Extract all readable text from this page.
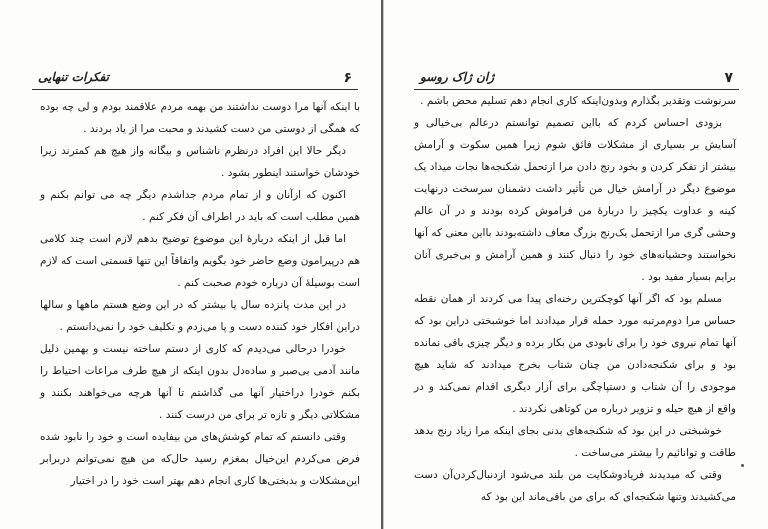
۶
تفکرات تنهایی

با اینکه آنها مرا دوست نداشتند من بهمه مردم علاقمند بودم و لی چه بوده که همگی از دوستی من دست کشیدند و محبت مرا از یاد بردند .

دیگر حالا این افراد درنظرم ناشناس و بیگانه واز هیچ هم کمترند زیرا خودشان خواستند اینطور بشود .

اکنون که ازآنان و از تمام مردم جداشدم دیگر چه‌ می توانم بکنم و همین مطلب است که باید در اطراف آن فکر کنم .

اما قبل از اینکه دربارهٔ این موضوع توضیح بدهم لازم است چند کلامی هم درپیرامون وضع حاضر خود بگویم واتفاقاً این تنها قسمتی است که لازم است بوسیلهٔ آن درباره خودم صحبت کنم .

در این مدت پانزده سال یا بیشتر که در این وضع هستم ماهها و سالها دراین افکار خود کننده دست و پا می‌زدم و تکلیف خود را نمی‌دانستم .

خودرا درحالی می‌دیدم که کاری از دستم ساخته نیست و بهمین دلیل مانند آدمی بی‌صبر و ساده‌دل بدون اینکه از هیچ طرف مراعات احتیاط را بکنم خودرا دراختیار آنها می گذاشتم تا آنها هرچه می‌خواهند بکنند و مشکلاتی دیگر و تازه تر برای من درست کنند .

وقتی دانستم که تمام کوشش‌های من بیفایده است و خود را نابود شده فرض می‌کردم این‌خیال بمغزم رسید حال‌که من هیچ نمی‌توانم دربرابر این‌مشکلات و بدبختی‌ها کاری انجام دهم بهتر است خود را در اختیار

۷
ژان ژاک روسو

سرنوشت وتقدیر بگذارم وبدون‌اینکه کاری انجام دهم تسلیم محض باشم .

بزودی احساس کردم که بااین تصمیم توانستم درعالم بی‌خیالی و آسایش بر بسیاری از مشکلات فائق شوم زیرا همین سکوت و آرامش بیشتر از تفکر کردن و بخود رنج دادن مرا ازتحمل شکنجه‌ها نجات میداد یک موضوع دیگر در آرامش خیال من تأثیر داشت دشمنان سرسخت درنهایت کینه و عداوت یکچیز را دربارهٔ من فراموش کرده بودند و در آن عالم وحشی گری مرا ازتحمل یک‌رنج بزرگ معاف داشته‌بودند بااین معنی که آنها نخواستند وحشیانه‌های خود را دنبال کنند و همین آرامش و بی‌خبری آنان برایم بسیار مفید بود .

مسلم بود که اگر آنها کوچکترین رخنه‌ای پیدا می کردند از همان نقطه حساس مرا دوم‌مرتبه مورد حمله قرار میدادند اما خوشبختی دراین بود که آنها تمام نیروی خود را برای نابودی من بکار برده و دیگر چیزی باقی نمانده بود و برای شکنجه‌دادن من چنان شتاب بخرج میدادند که شاید هیچ موجودی را آن شتاب و دستپاچگی برای آزار دیگری اقدام نمی‌کند و در واقع از هیچ حیله و تزویر درباره من کوتاهی نکردند .

خوشبختی در این بود که شکنجه‌های بدنی بجای اینکه مرا زیاد رنج بدهد طاقت و توانائیم را بیشتر می‌ساخت .

وقتی که میدیدند فریادوشکایت من بلند می‌شود ازدنبال‌کردن‌آن دست می‌کشیدند وتنها شکنجه‌ای که برای من باقی‌ماند این بود که
